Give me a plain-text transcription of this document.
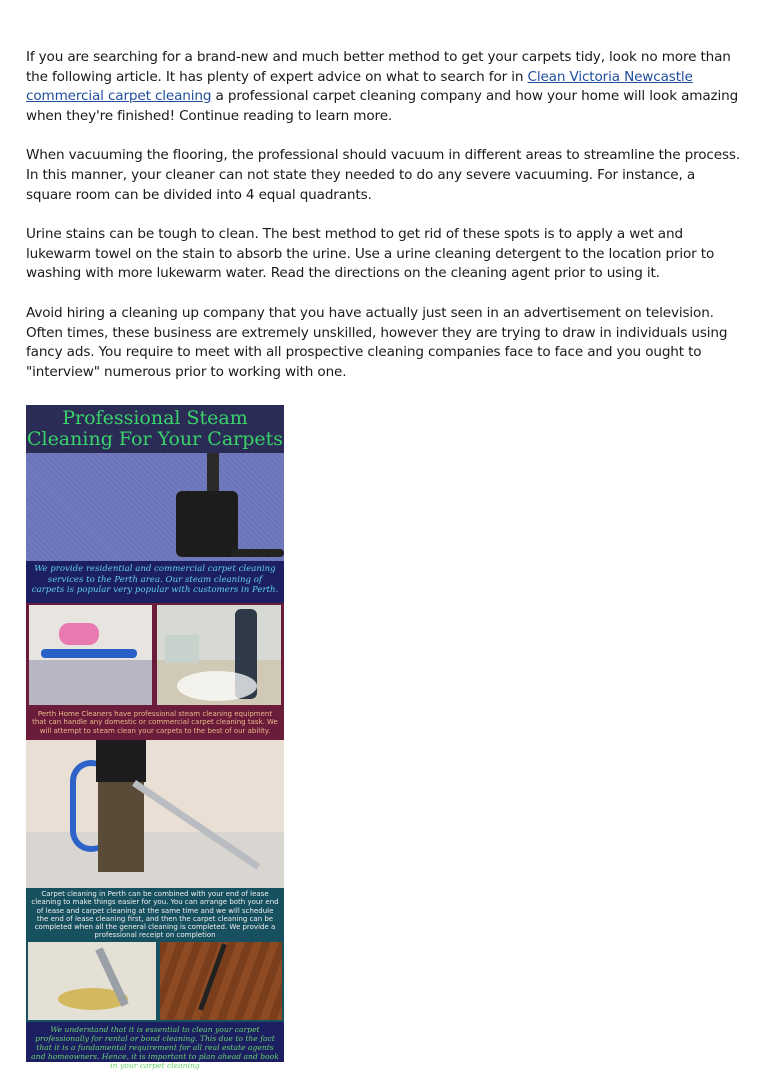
If you are searching for a brand-new and much better method to get your carpets tidy, look no more than the following article. It has plenty of expert advice on what to search for in Clean Victoria Newcastle commercial carpet cleaning a professional carpet cleaning company and how your home will look amazing when they're finished! Continue reading to learn more.

When vacuuming the flooring, the professional should vacuum in different areas to streamline the process. In this manner, your cleaner can not state they needed to do any severe vacuuming. For instance, a square room can be divided into 4 equal quadrants.

Urine stains can be tough to clean. The best method to get rid of these spots is to apply a wet and lukewarm towel on the stain to absorb the urine. Use a urine cleaning detergent to the location prior to washing with more lukewarm water. Read the directions on the cleaning agent prior to using it.

Avoid hiring a cleaning up company that you have actually just seen in an advertisement on television. Often times, these business are extremely unskilled, however they are trying to draw in individuals using fancy ads. You require to meet with all prospective cleaning companies face to face and you ought to "interview" numerous prior to working with one.

Professional Steam Cleaning For Your Carpets
We provide residential and commercial carpet cleaning services to the Perth area. Our steam cleaning of carpets is popular very popular with customers in Perth.
Perth Home Cleaners have professional steam cleaning equipment that can handle any domestic or commercial carpet cleaning task. We will attempt to steam clean your carpets to the best of our ability.
Carpet cleaning in Perth can be combined with your end of lease cleaning to make things easier for you. You can arrange both your end of lease and carpet cleaning at the same time and we will schedule the end of lease cleaning first, and then the carpet cleaning can be completed when all the general cleaning is completed. We provide a professional receipt on completion
We understand that it is essential to clean your carpet professionally for rental or bond cleaning. This due to the fact that it is a fundamental requirement for all real estate agents and homeowners. Hence, it is important to plan ahead and book in your carpet cleaning
